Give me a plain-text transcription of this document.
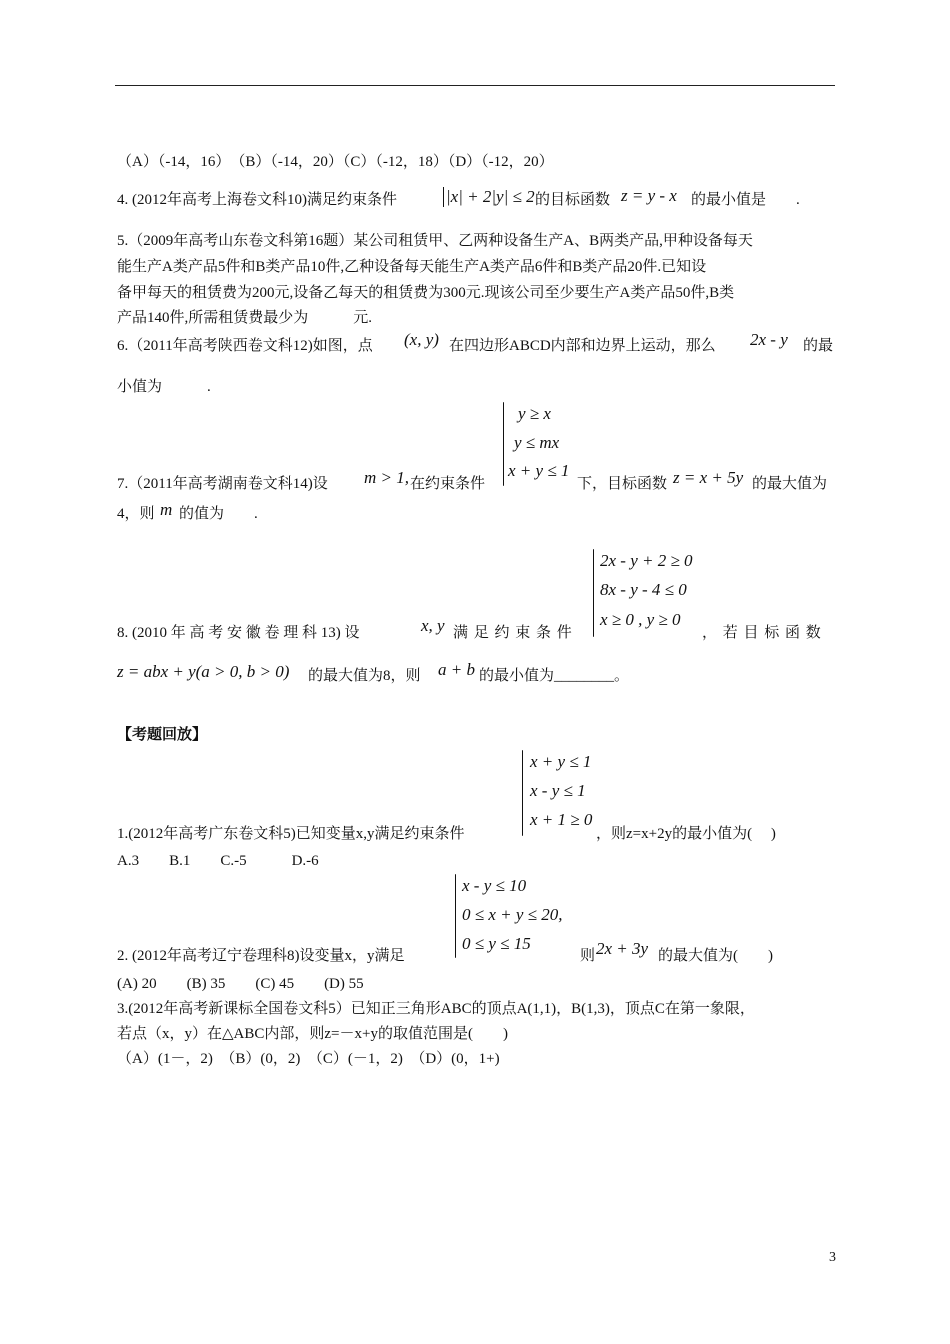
（A）（-14，16）　（B）（-14，20）（C）（-12，18）（D）（-12，20）
4. (2012年高考上海卷文科10)满足约束条件	|x| + 2|y| ≤ 2 的目标函数 z = y - x 的最小值是　　.
5.（2009年高考山东卷文科第16题）某公司租赁甲、乙两种设备生产A、B两类产品,甲种设备每天
能生产A类产品5件和B类产品10件,乙种设备每天能生产A类产品6件和B类产品20件.已知设
备甲每天的租赁费为200元,设备乙每天的租赁费为300元.现该公司至少要生产A类产品50件,B类
产品140件,所需租赁费最少为　　　元.
6.（2011年高考陕西卷文科12)如图，点 (x, y) 在四边形ABCD内部和边界上运动，那么 2x - y 的最
小值为　　　.
y ≥ x
y ≤ mx
x + y ≤ 1
7.（2011年高考湖南卷文科14)设 m > 1, 在约束条件	下，目标函数 z = x + 5y 的最大值为
4，则 m 的值为　　.
2x - y + 2 ≥ 0
8x - y - 4 ≤ 0
x ≥ 0 , y ≥ 0
8. (2010 年 高 考 安 徽 卷 理 科 13) 设	x, y 满 足 约 束 条 件	， 若 目 标 函 数
z = abx + y(a > 0, b > 0) 的最大值为8，则 a + b 的最小值为________。
【考题回放】
x + y ≤ 1
x - y ≤ 1
x + 1 ≥ 0
1.(2012年高考广东卷文科5)已知变量x,y满足约束条件	，则z=x+2y的最小值为(　 )
A.3　　B.1　　C.-5　　　D.-6
x - y ≤ 10
0 ≤ x + y ≤ 20,
0 ≤ y ≤ 15
2. (2012年高考辽宁卷理科8)设变量x，y满足	则 2x + 3y 的最大值为(　　)
(A) 20　　(B) 35　　(C) 45　　(D) 55
3.(2012年高考新课标全国卷文科5）已知正三角形ABC的顶点A(1,1)，B(1,3)，顶点C在第一象限，
若点（x，y）在△ABC内部，则z=－x+y的取值范围是(　　)
（A）(1－，2)　（B）(0，2)　（C）(－1，2)　（D）(0，1+)
3
